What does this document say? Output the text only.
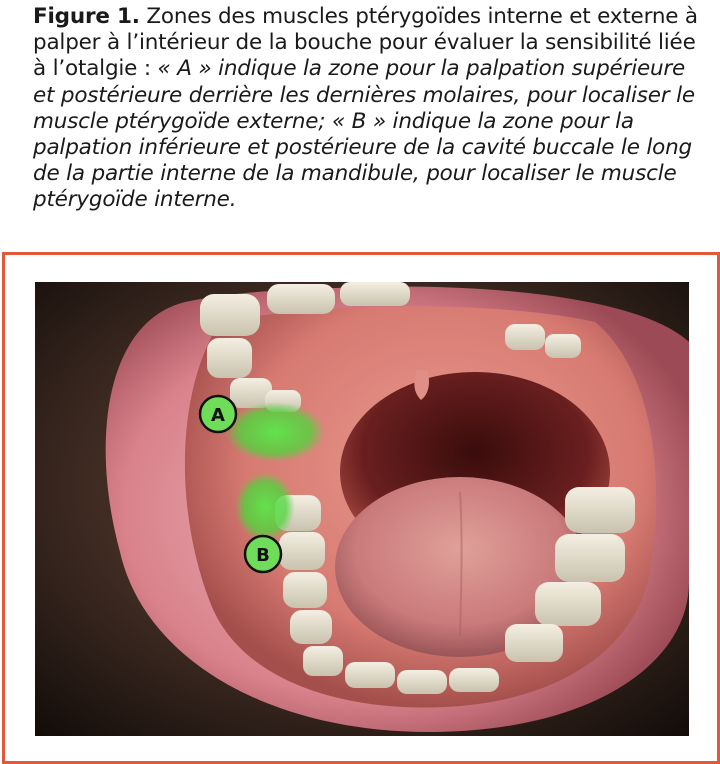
Figure 1. Zones des muscles ptérygoïdes interne et externe à palper à l’intérieur de la bouche pour évaluer la sensibilité liée à l’otalgie : « A » indique la zone pour la palpation supérieure et postérieure derrière les dernières molaires, pour localiser le muscle ptérygoïde externe; « B » indique la zone pour la palpation inférieure et postérieure de la cavité buccale le long de la partie interne de la mandibule, pour localiser le muscle ptérygoïde interne.
A
B
